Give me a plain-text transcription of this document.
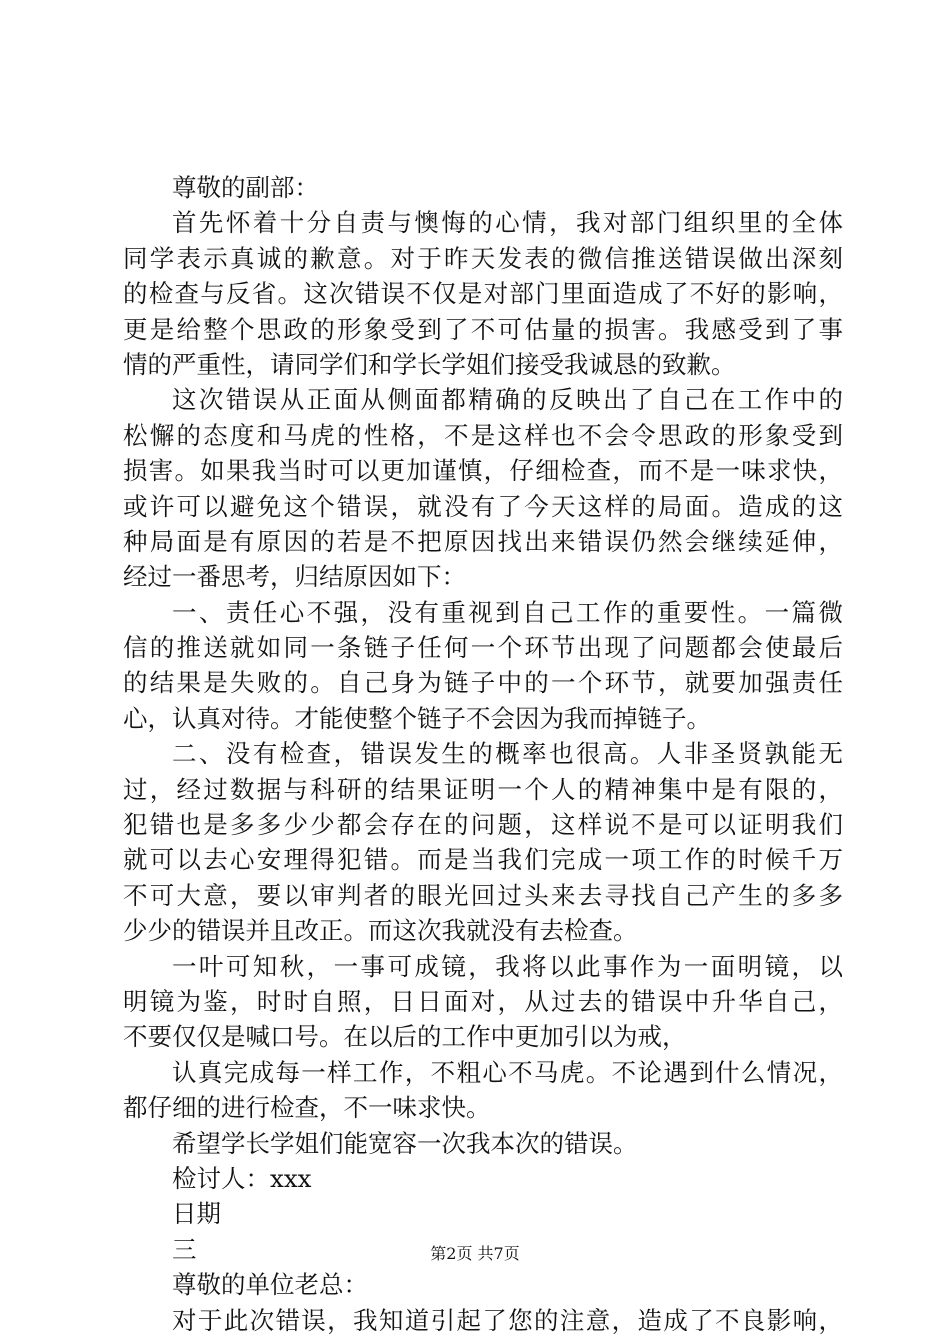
尊敬的副部：
首先怀着十分自责与懊悔的心情，我对部门组织里的全体
同学表示真诚的歉意。对于昨天发表的微信推送错误做出深刻
的检查与反省。这次错误不仅是对部门里面造成了不好的影响，
更是给整个思政的形象受到了不可估量的损害。我感受到了事
情的严重性，请同学们和学长学姐们接受我诚恳的致歉。
这次错误从正面从侧面都精确的反映出了自己在工作中的
松懈的态度和马虎的性格，不是这样也不会令思政的形象受到
损害。如果我当时可以更加谨慎，仔细检查，而不是一味求快，
或许可以避免这个错误，就没有了今天这样的局面。造成的这
种局面是有原因的若是不把原因找出来错误仍然会继续延伸，
经过一番思考，归结原因如下：
一、责任心不强，没有重视到自己工作的重要性。一篇微
信的推送就如同一条链子任何一个环节出现了问题都会使最后
的结果是失败的。自己身为链子中的一个环节，就要加强责任
心，认真对待。才能使整个链子不会因为我而掉链子。
二、没有检查，错误发生的概率也很高。人非圣贤孰能无
过，经过数据与科研的结果证明一个人的精神集中是有限的，
犯错也是多多少少都会存在的问题，这样说不是可以证明我们
就可以去心安理得犯错。而是当我们完成一项工作的时候千万
不可大意，要以审判者的眼光回过头来去寻找自己产生的多多
少少的错误并且改正。而这次我就没有去检查。
一叶可知秋，一事可成镜，我将以此事作为一面明镜，以
明镜为鉴，时时自照，日日面对，从过去的错误中升华自己，
不要仅仅是喊口号。在以后的工作中更加引以为戒，
认真完成每一样工作，不粗心不马虎。不论遇到什么情况，
都仔细的进行检查，不一味求快。
希望学长学姐们能宽容一次我本次的错误。
检讨人：xxx
日期
三
尊敬的单位老总：
对于此次错误，我知道引起了您的注意，造成了不良影响，
第2页 共7页
